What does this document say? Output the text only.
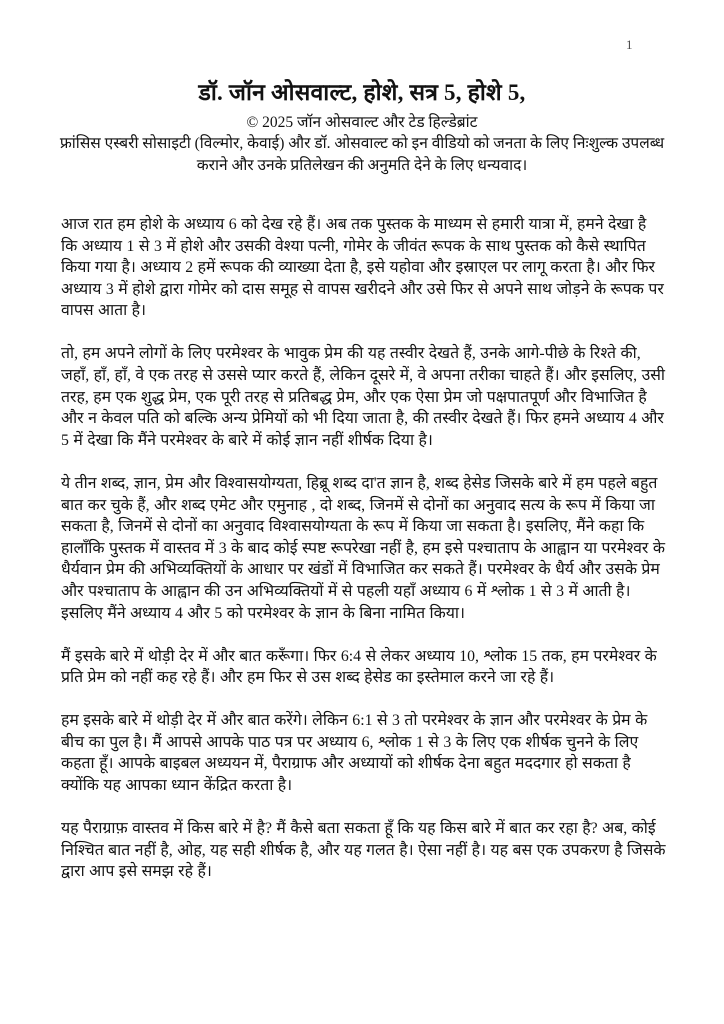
1
डॉ. जॉन ओसवाल्ट, होशे, सत्र 5, होशे 5,
© 2025 जॉन ओसवाल्ट और टेड हिल्डेब्रांट
फ्रांसिस एस्बरी सोसाइटी (विल्मोर, केवाई) और डॉ. ओसवाल्ट को इन वीडियो को जनता के लिए निःशुल्क उपलब्ध कराने और उनके प्रतिलेखन की अनुमति देने के लिए धन्यवाद।

आज रात हम होशे के अध्याय 6 को देख रहे हैं। अब तक पुस्तक के माध्यम से हमारी यात्रा में, हमने देखा है कि अध्याय 1 से 3 में होशे और उसकी वेश्या पत्नी, गोमेर के जीवंत रूपक के साथ पुस्तक को कैसे स्थापित किया गया है। अध्याय 2 हमें रूपक की व्याख्या देता है, इसे यहोवा और इस्राएल पर लागू करता है। और फिर अध्याय 3 में होशे द्वारा गोमेर को दास समूह से वापस खरीदने और उसे फिर से अपने साथ जोड़ने के रूपक पर वापस आता है।

तो, हम अपने लोगों के लिए परमेश्वर के भावुक प्रेम की यह तस्वीर देखते हैं, उनके आगे-पीछे के रिश्ते की, जहाँ, हाँ, हाँ, वे एक तरह से उससे प्यार करते हैं, लेकिन दूसरे में, वे अपना तरीका चाहते हैं। और इसलिए, उसी तरह, हम एक शुद्ध प्रेम, एक पूरी तरह से प्रतिबद्ध प्रेम, और एक ऐसा प्रेम जो पक्षपातपूर्ण और विभाजित है और न केवल पति को बल्कि अन्य प्रेमियों को भी दिया जाता है, की तस्वीर देखते हैं। फिर हमने अध्याय 4 और 5 में देखा कि मैंने परमेश्वर के बारे में कोई ज्ञान नहीं शीर्षक दिया है।

ये तीन शब्द, ज्ञान, प्रेम और विश्वासयोग्यता, हिब्रू शब्द दा'त ज्ञान है, शब्द हेसेड जिसके बारे में हम पहले बहुत बात कर चुके हैं, और शब्द एमेट और एमुनाह , दो शब्द, जिनमें से दोनों का अनुवाद सत्य के रूप में किया जा सकता है, जिनमें से दोनों का अनुवाद विश्वासयोग्यता के रूप में किया जा सकता है। इसलिए, मैंने कहा कि हालाँकि पुस्तक में वास्तव में 3 के बाद कोई स्पष्ट रूपरेखा नहीं है, हम इसे पश्चाताप के आह्वान या परमेश्वर के धैर्यवान प्रेम की अभिव्यक्तियों के आधार पर खंडों में विभाजित कर सकते हैं। परमेश्वर के धैर्य और उसके प्रेम और पश्चाताप के आह्वान की उन अभिव्यक्तियों में से पहली यहाँ अध्याय 6 में श्लोक 1 से 3 में आती है। इसलिए मैंने अध्याय 4 और 5 को परमेश्वर के ज्ञान के बिना नामित किया।

मैं इसके बारे में थोड़ी देर में और बात करूँगा। फिर 6:4 से लेकर अध्याय 10, श्लोक 15 तक, हम परमेश्वर के प्रति प्रेम को नहीं कह रहे हैं। और हम फिर से उस शब्द हेसेड का इस्तेमाल करने जा रहे हैं।

हम इसके बारे में थोड़ी देर में और बात करेंगे। लेकिन 6:1 से 3 तो परमेश्वर के ज्ञान और परमेश्वर के प्रेम के बीच का पुल है। मैं आपसे आपके पाठ पत्र पर अध्याय 6, श्लोक 1 से 3 के लिए एक शीर्षक चुनने के लिए कहता हूँ। आपके बाइबल अध्ययन में, पैराग्राफ और अध्यायों को शीर्षक देना बहुत मददगार हो सकता है क्योंकि यह आपका ध्यान केंद्रित करता है।

यह पैराग्राफ़ वास्तव में किस बारे में है? मैं कैसे बता सकता हूँ कि यह किस बारे में बात कर रहा है? अब, कोई निश्चित बात नहीं है, ओह, यह सही शीर्षक है, और यह गलत है। ऐसा नहीं है। यह बस एक उपकरण है जिसके द्वारा आप इसे समझ रहे हैं।
